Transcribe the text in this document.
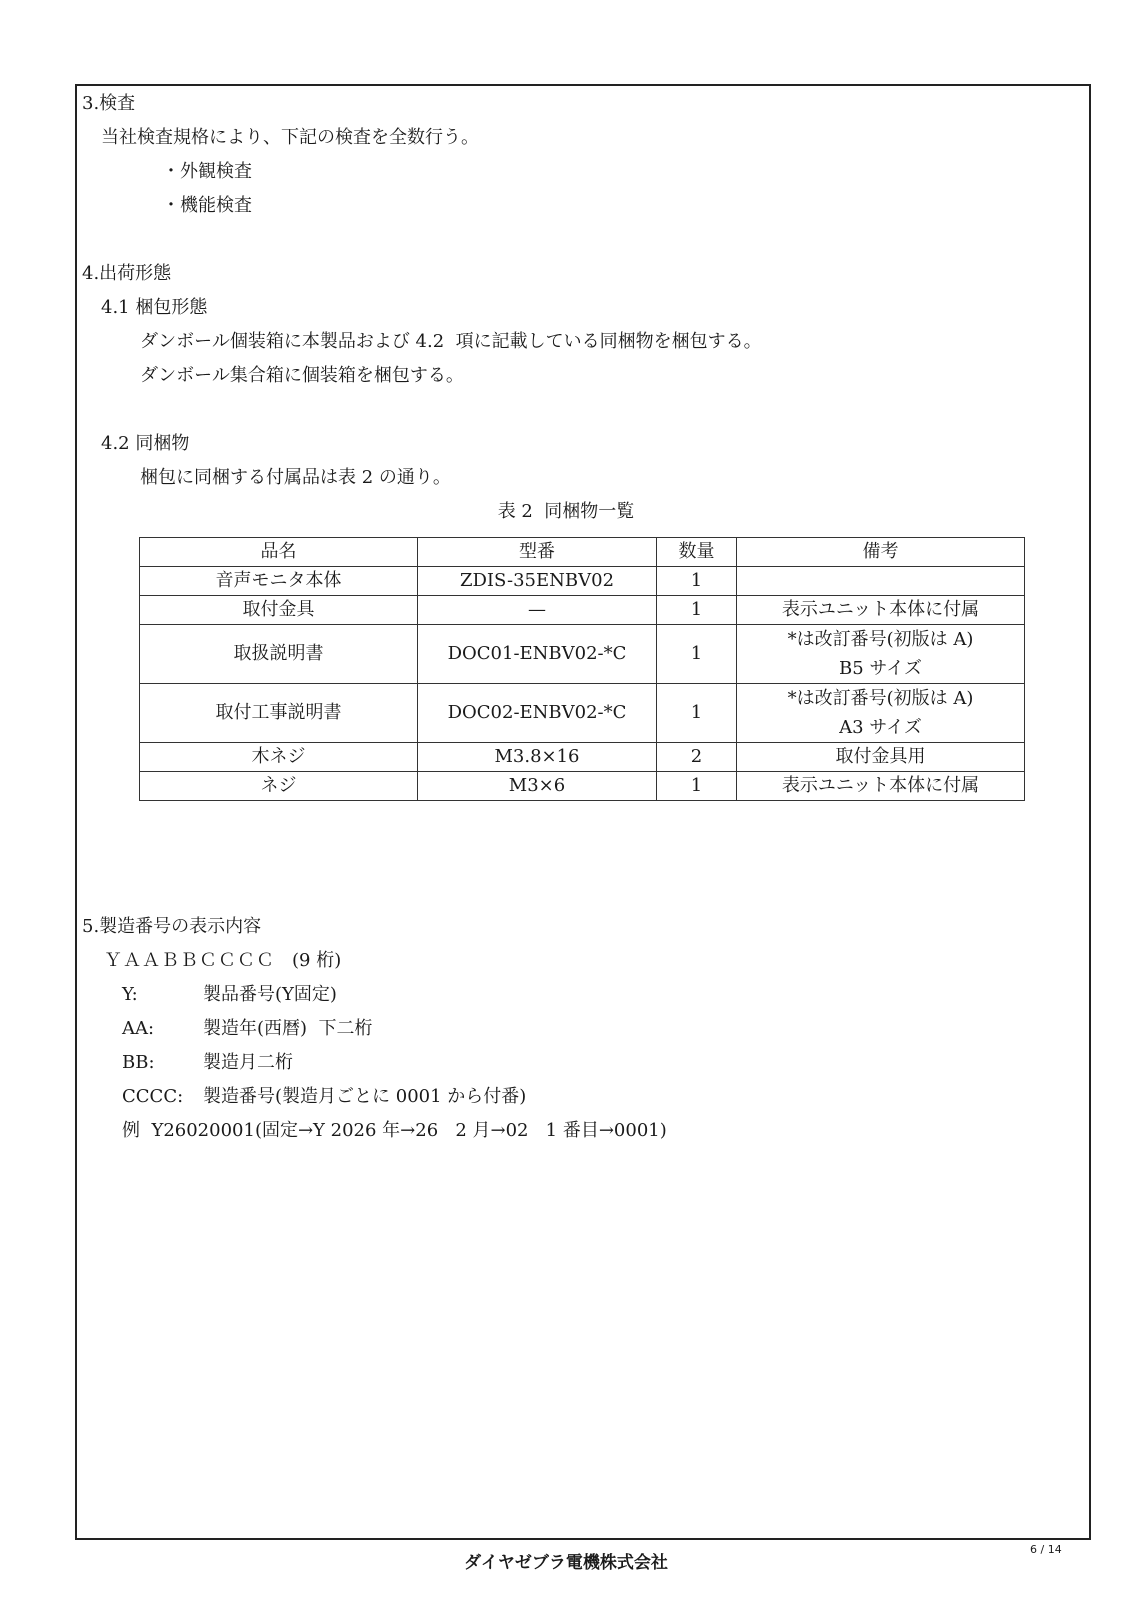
3.検査
当社検査規格により、下記の検査を全数行う。
・外観検査
・機能検査
4.出荷形態
4.1 梱包形態
ダンボール個装箱に本製品および 4.2  項に記載している同梱物を梱包する。
ダンボール集合箱に個装箱を梱包する。
4.2 同梱物
梱包に同梱する付属品は表 2 の通り。
表 2  同梱物一覧
品名	型番	数量	備考
音声モニタ本体	ZDIS-35ENBV02	1	
取付金具	—	1	表示ユニット本体に付属
取扱説明書	DOC01-ENBV02-*C	1	*は改訂番号(初版は A)
B5 サイズ

取付工事説明書	DOC02-ENBV02-*C	1	*は改訂番号(初版は A)
A3 サイズ

木ネジ	M3.8×16	2	取付金具用
ネジ	M3×6	1	表示ユニット本体に付属
5.製造番号の表示内容
ＹＡＡＢＢＣＣＣＣ (9 桁)
Y:	製品番号(Y固定)
AA:	製造年(西暦)  下二桁
BB:	製造月二桁
CCCC: 製造番号(製造月ごとに 0001 から付番)
例  Y26020001(固定→Y 2026 年→26   2 月→02   1 番目→0001)
ダイヤゼブラ電機株式会社
6 / 14
